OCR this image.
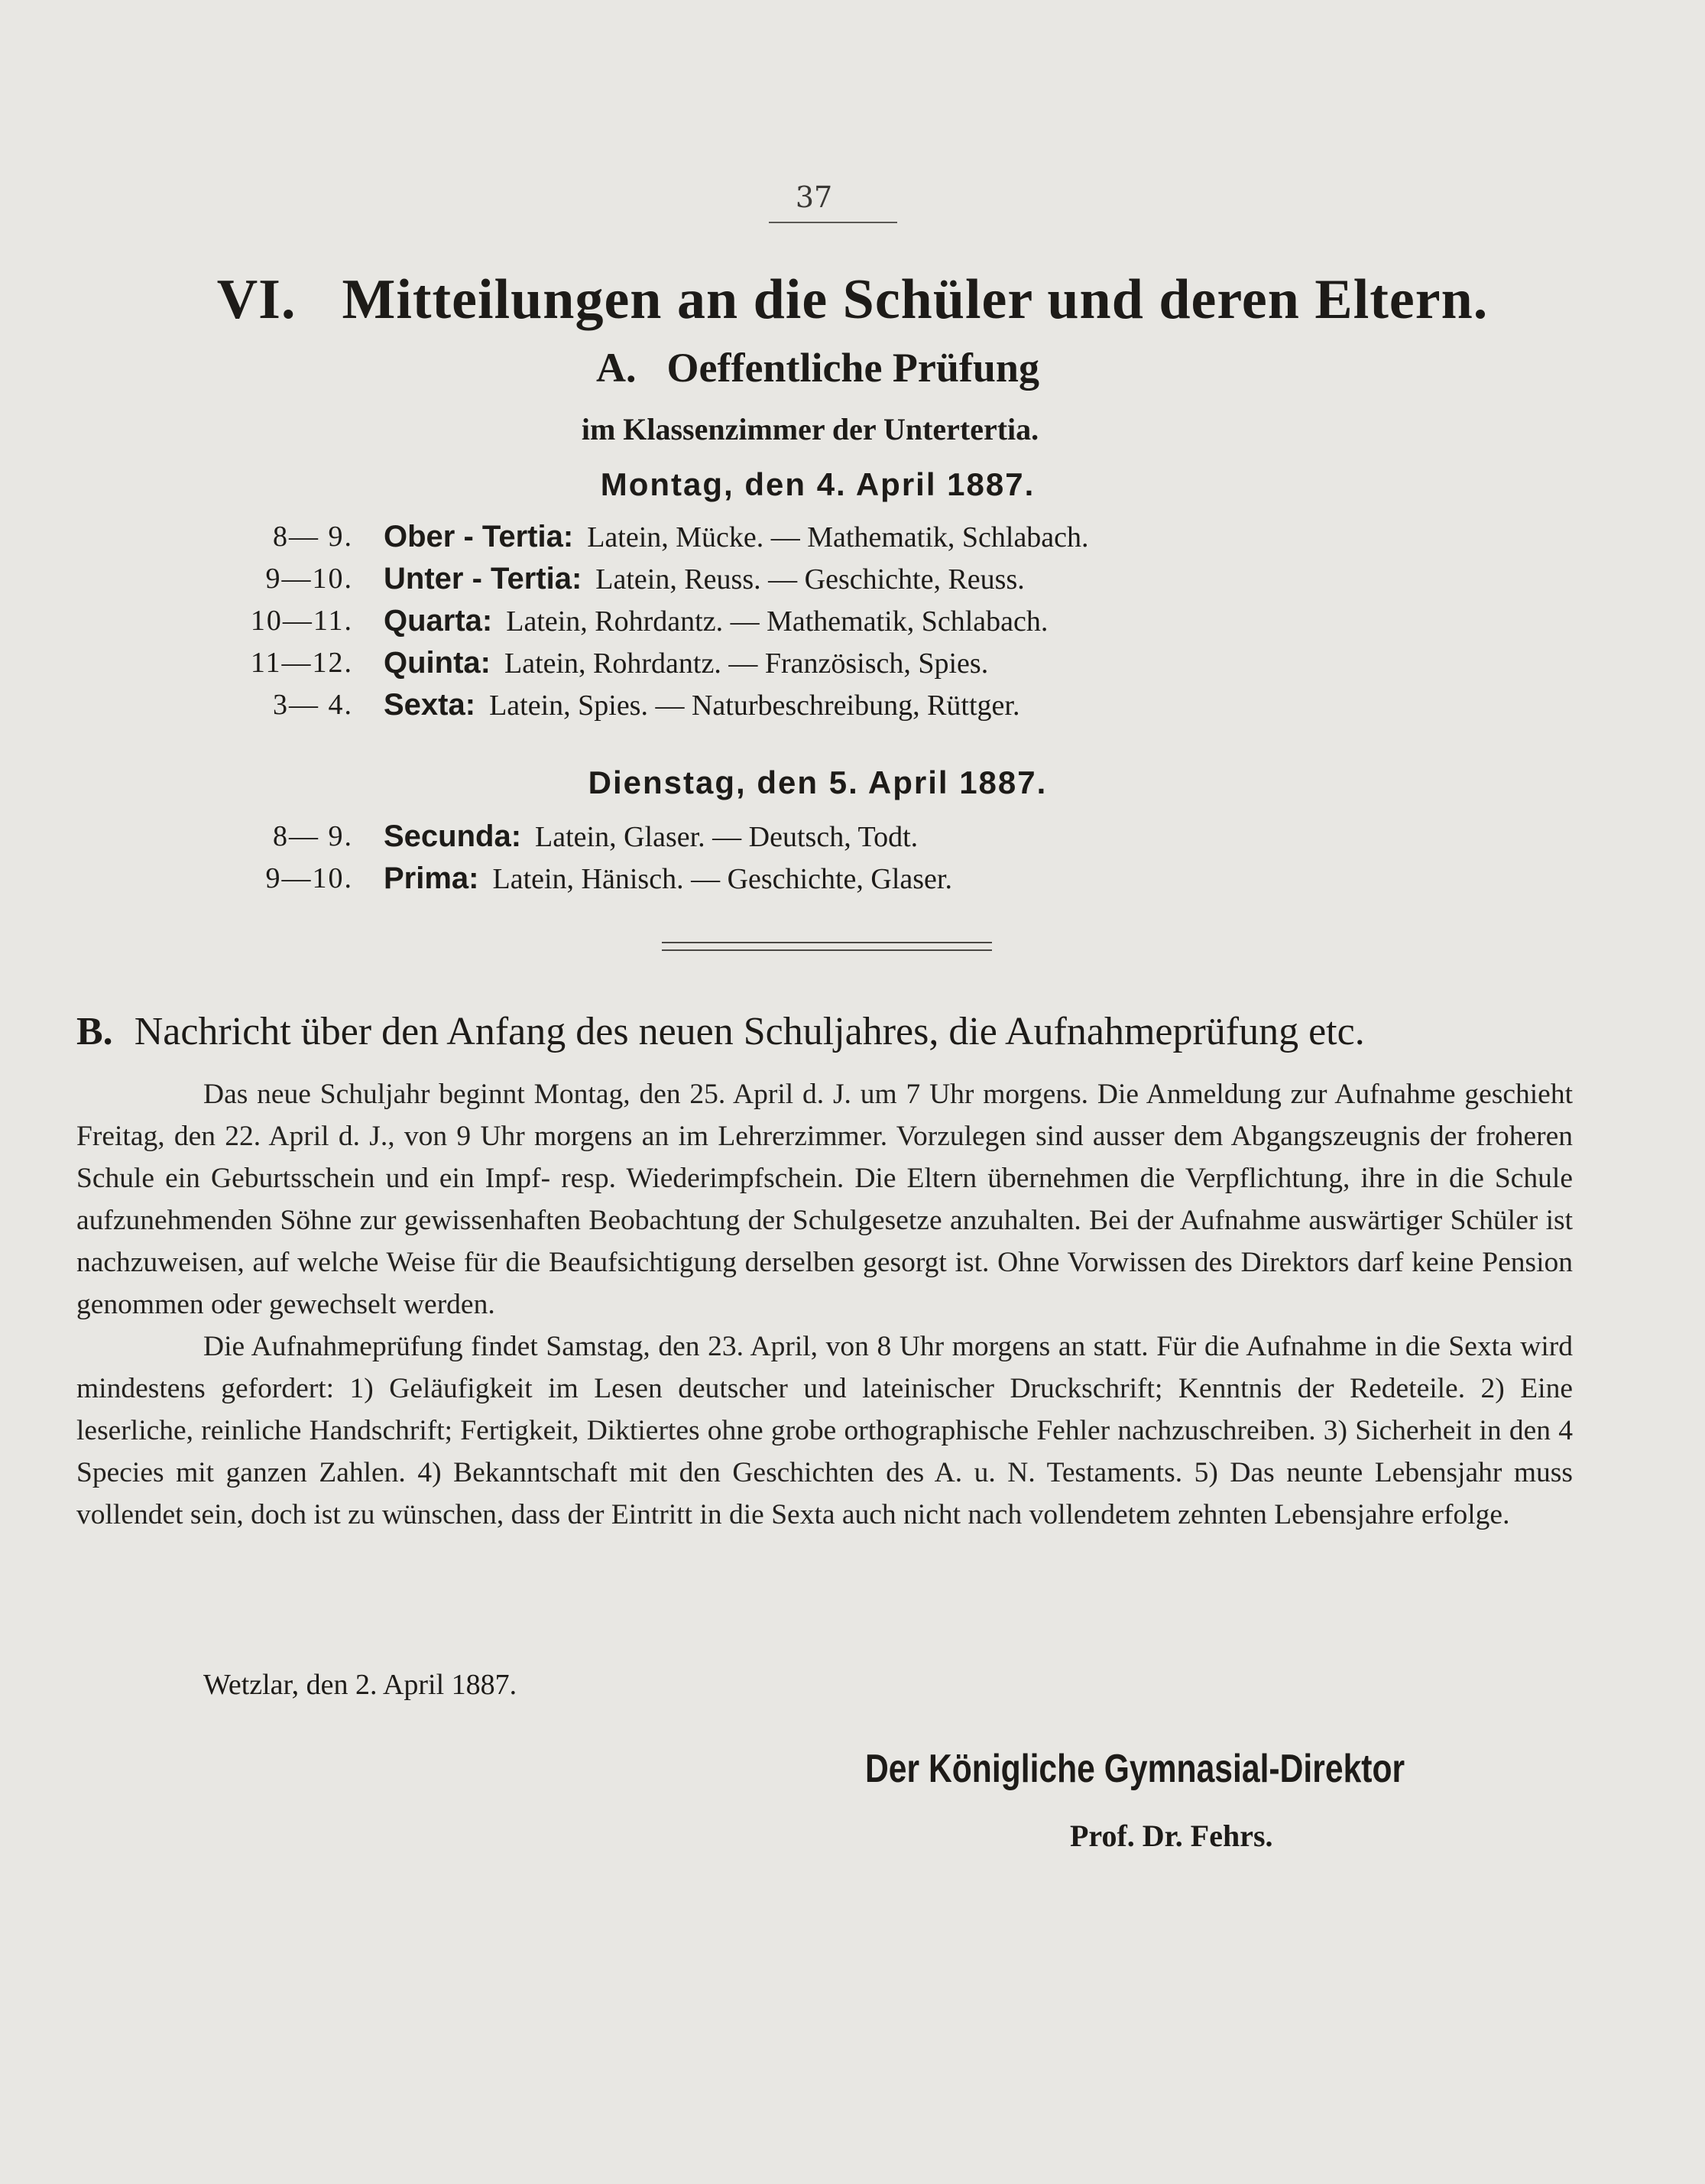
37
VI. Mitteilungen an die Schüler und deren Eltern.
A. Oeffentliche Prüfung
im Klassenzimmer der Untertertia.
Montag, den 4. April 1887.
8— 9. Ober - Tertia: Latein, Mücke. — Mathematik, Schlabach.
9—10. Unter - Tertia: Latein, Reuss. — Geschichte, Reuss.
10—11. Quarta: Latein, Rohrdantz. — Mathematik, Schlabach.
11—12. Quinta: Latein, Rohrdantz. — Französisch, Spies.
3— 4. Sexta: Latein, Spies. — Naturbeschreibung, Rüttger.
Dienstag, den 5. April 1887.
8— 9. Secunda: Latein, Glaser. — Deutsch, Todt.
9—10. Prima: Latein, Hänisch. — Geschichte, Glaser.
B. Nachricht über den Anfang des neuen Schuljahres, die Aufnahmeprüfung etc.

Das neue Schuljahr beginnt Montag, den 25. April d. J. um 7 Uhr morgens. Die Anmeldung zur Aufnahme geschieht Freitag, den 22. April d. J., von 9 Uhr morgens an im Lehrerzimmer. Vorzulegen sind ausser dem Abgangszeugnis der froheren Schule ein Geburtsschein und ein Impf- resp. Wiederimpfschein. Die Eltern übernehmen die Verpflichtung, ihre in die Schule aufzunehmenden Söhne zur gewissenhaften Beobachtung der Schulgesetze anzuhalten. Bei der Aufnahme auswärtiger Schüler ist nachzuweisen, auf welche Weise für die Beaufsichtigung derselben gesorgt ist. Ohne Vorwissen des Direktors darf keine Pension genommen oder gewechselt werden.

Die Aufnahmeprüfung findet Samstag, den 23. April, von 8 Uhr morgens an statt. Für die Aufnahme in die Sexta wird mindestens gefordert: 1) Geläufigkeit im Lesen deutscher und lateinischer Druckschrift; Kenntnis der Redeteile. 2) Eine leserliche, reinliche Handschrift; Fertigkeit, Diktiertes ohne grobe orthographische Fehler nachzuschreiben. 3) Sicherheit in den 4 Species mit ganzen Zahlen. 4) Bekanntschaft mit den Geschichten des A. u. N. Testaments. 5) Das neunte Lebensjahr muss vollendet sein, doch ist zu wünschen, dass der Eintritt in die Sexta auch nicht nach vollendetem zehnten Lebensjahre erfolge.

Wetzlar, den 2. April 1887.
Der Königliche Gymnasial-Direktor
Prof. Dr. Fehrs.
